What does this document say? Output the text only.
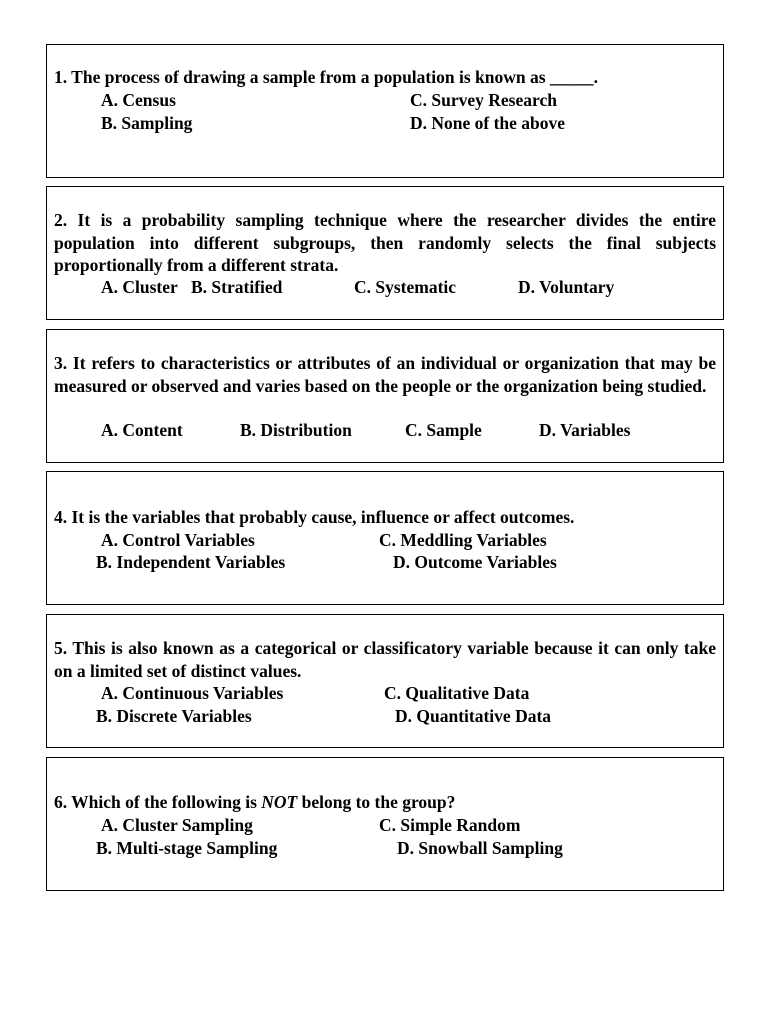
1. The process of drawing a sample from a population is known as _____.

A. Census	C. Survey Research
B. Sampling	D. None of the above

2. It is a probability sampling technique where the researcher divides the entire population into different subgroups, then randomly selects the final subjects proportionally from a different strata.

A. Cluster B. Stratified	C. Systematic	D. Voluntary

3. It refers to characteristics or attributes of an individual or organization that may be measured or observed and varies based on the people or the organization being studied.

A. Content	B. Distribution	C. Sample	D. Variables

4. It is the variables that probably cause, influence or affect outcomes.

A. Control Variables	C. Meddling Variables
B. Independent Variables	D. Outcome Variables

5. This is also known as a categorical or classificatory variable because it can only take on a limited set of distinct values.

A. Continuous Variables	C. Qualitative Data
B. Discrete Variables	D. Quantitative Data

6. Which of the following is NOT belong to the group?

A. Cluster Sampling	C. Simple Random
B. Multi-stage Sampling	D. Snowball Sampling
